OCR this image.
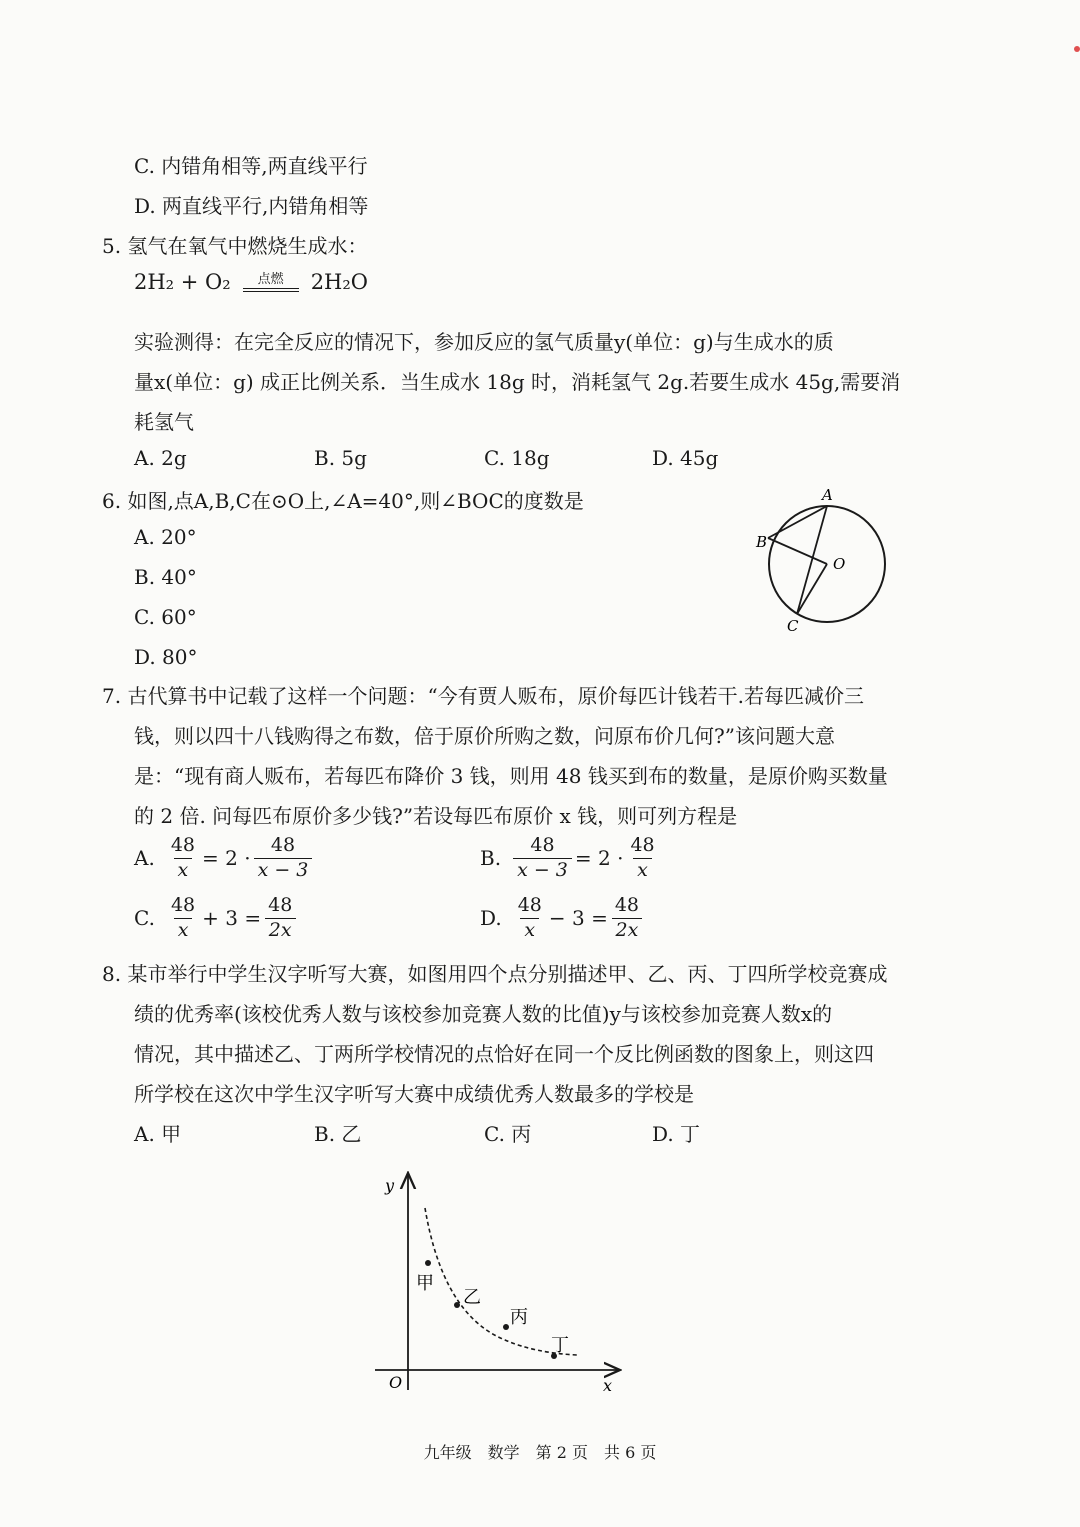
C. 内错角相等,两直线平行
D. 两直线平行,内错角相等
5. 氢气在氧气中燃烧生成水：
2H₂ + O₂ 点燃 2H₂O
实验测得：在完全反应的情况下，参加反应的氢气质量y(单位：g)与生成水的质
量x(单位：g) 成正比例关系．当生成水 18g 时，消耗氢气 2g.若要生成水 45g,需要消
耗氢气
A. 2g	B. 5g	C. 18g	D. 45g
6. 如图,点A,B,C在⊙O上,∠A=40°,则∠BOC的度数是
A. 20°
B. 40°
C. 60°
D. 80°
A
B
C
O
7. 古代算书中记载了这样一个问题：“今有贾人贩布，原价每匹计钱若干.若每匹减价三
钱，则以四十八钱购得之布数，倍于原价所购之数，问原布价几何?”该问题大意
是：“现有商人贩布，若每匹布降价 3 钱，则用 48 钱买到布的数量，是原价购买数量
的 2 倍. 问每匹布原价多少钱?”若设每匹布原价 x 钱，则可列方程是
A. $\frac{48}{x} = 2 \cdot \frac{48}{x - 3}$	B. $\frac{48}{x - 3} = 2 \cdot \frac{48}{x}$
C. $\frac{48}{x} + 3 = \frac{48}{2x}$	D. $\frac{48}{x} - 3 = \frac{48}{2x}$
8. 某市举行中学生汉字听写大赛，如图用四个点分别描述甲、乙、丙、丁四所学校竞赛成
绩的优秀率(该校优秀人数与该校参加竞赛人数的比值)y与该校参加竞赛人数x的
情况，其中描述乙、丁两所学校情况的点恰好在同一个反比例函数的图象上，则这四
所学校在这次中学生汉字听写大赛中成绩优秀人数最多的学校是
A. 甲	B. 乙	C. 丙	D. 丁
y
x
O
甲
乙
丙
丁
九年级　数学　第 2 页　共 6 页
